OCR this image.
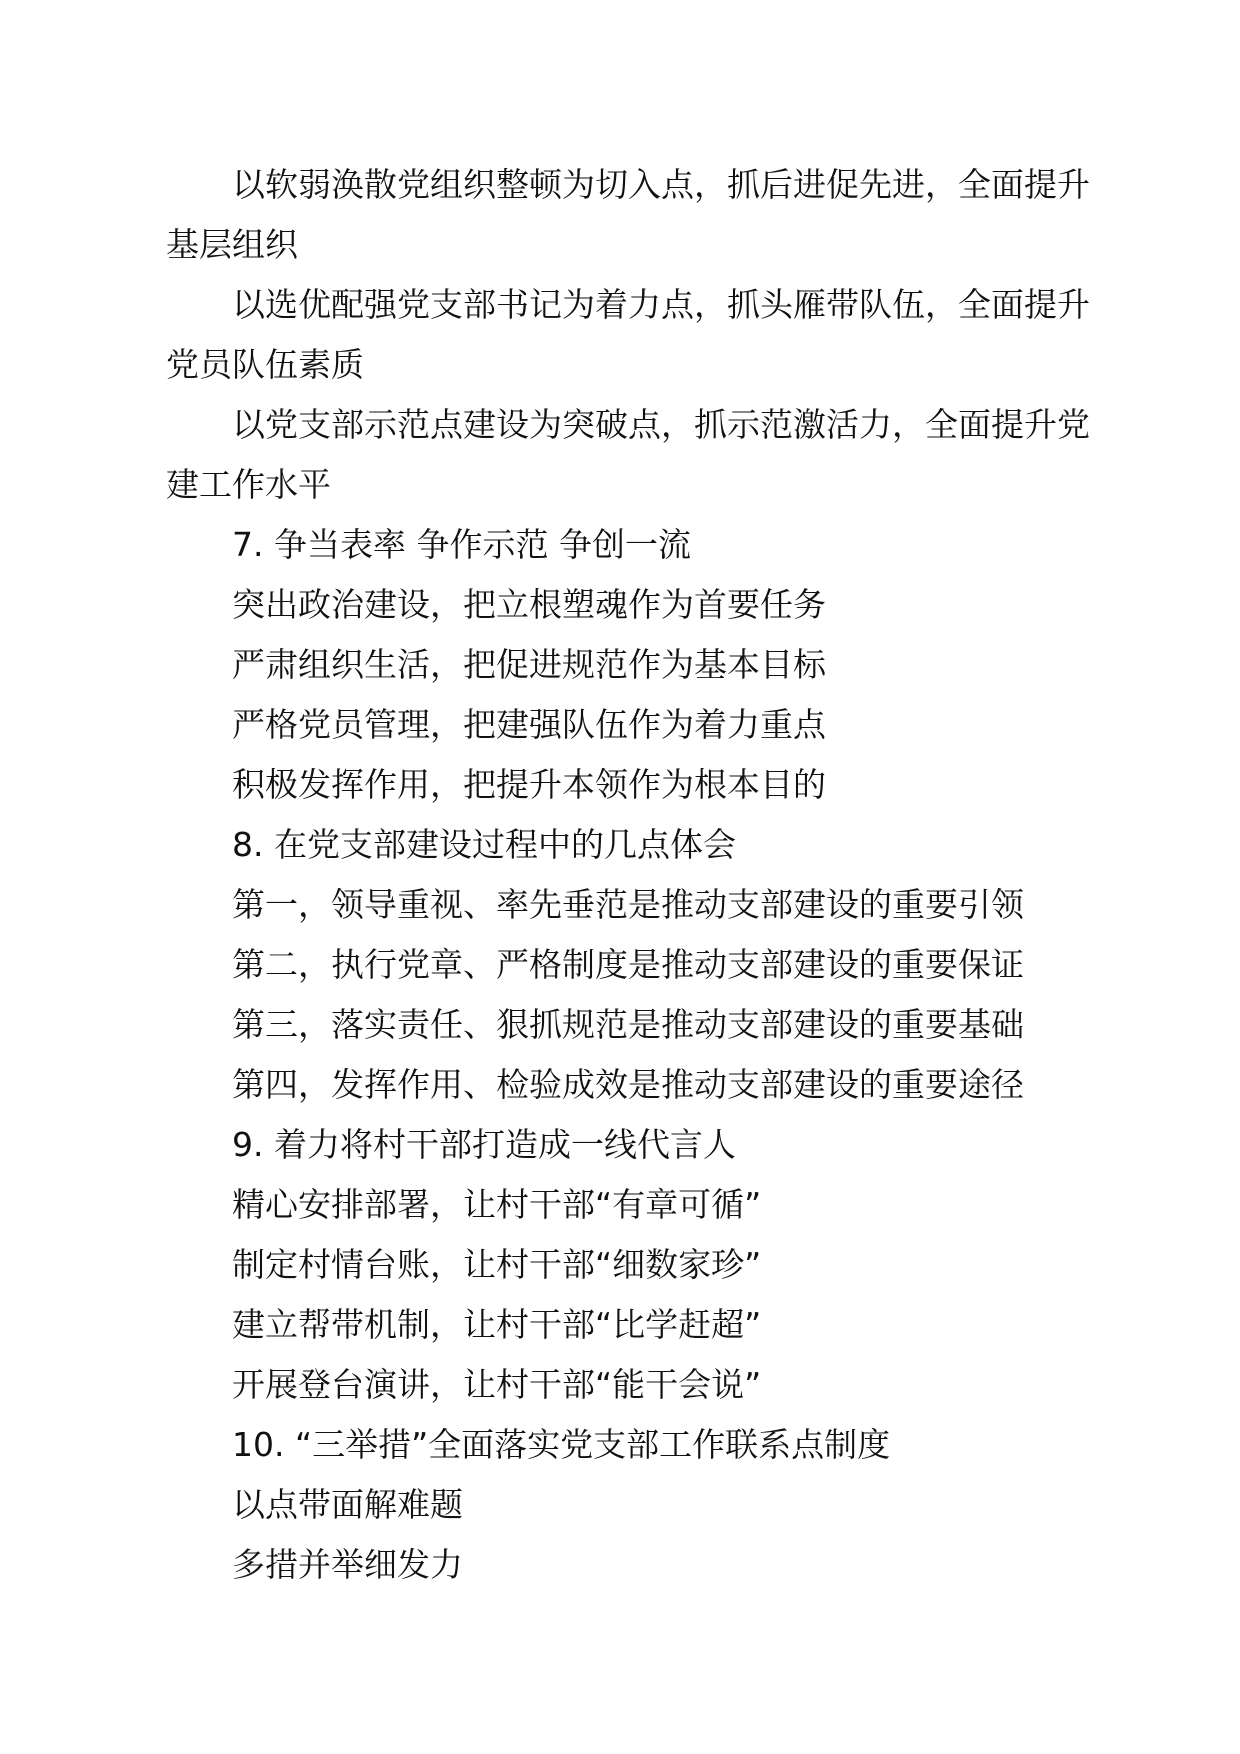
以软弱涣散党组织整顿为切入点，抓后进促先进，全面提升基层组织

以选优配强党支部书记为着力点，抓头雁带队伍，全面提升党员队伍素质

以党支部示范点建设为突破点，抓示范激活力，全面提升党建工作水平

7. 争当表率 争作示范 争创一流

突出政治建设，把立根塑魂作为首要任务

严肃组织生活，把促进规范作为基本目标

严格党员管理，把建强队伍作为着力重点

积极发挥作用，把提升本领作为根本目的

8. 在党支部建设过程中的几点体会

第一，领导重视、率先垂范是推动支部建设的重要引领

第二，执行党章、严格制度是推动支部建设的重要保证

第三，落实责任、狠抓规范是推动支部建设的重要基础

第四，发挥作用、检验成效是推动支部建设的重要途径

9. 着力将村干部打造成一线代言人

精心安排部署，让村干部“有章可循”

制定村情台账，让村干部“细数家珍”

建立帮带机制，让村干部“比学赶超”

开展登台演讲，让村干部“能干会说”

10. “三举措”全面落实党支部工作联系点制度

以点带面解难题

多措并举细发力
